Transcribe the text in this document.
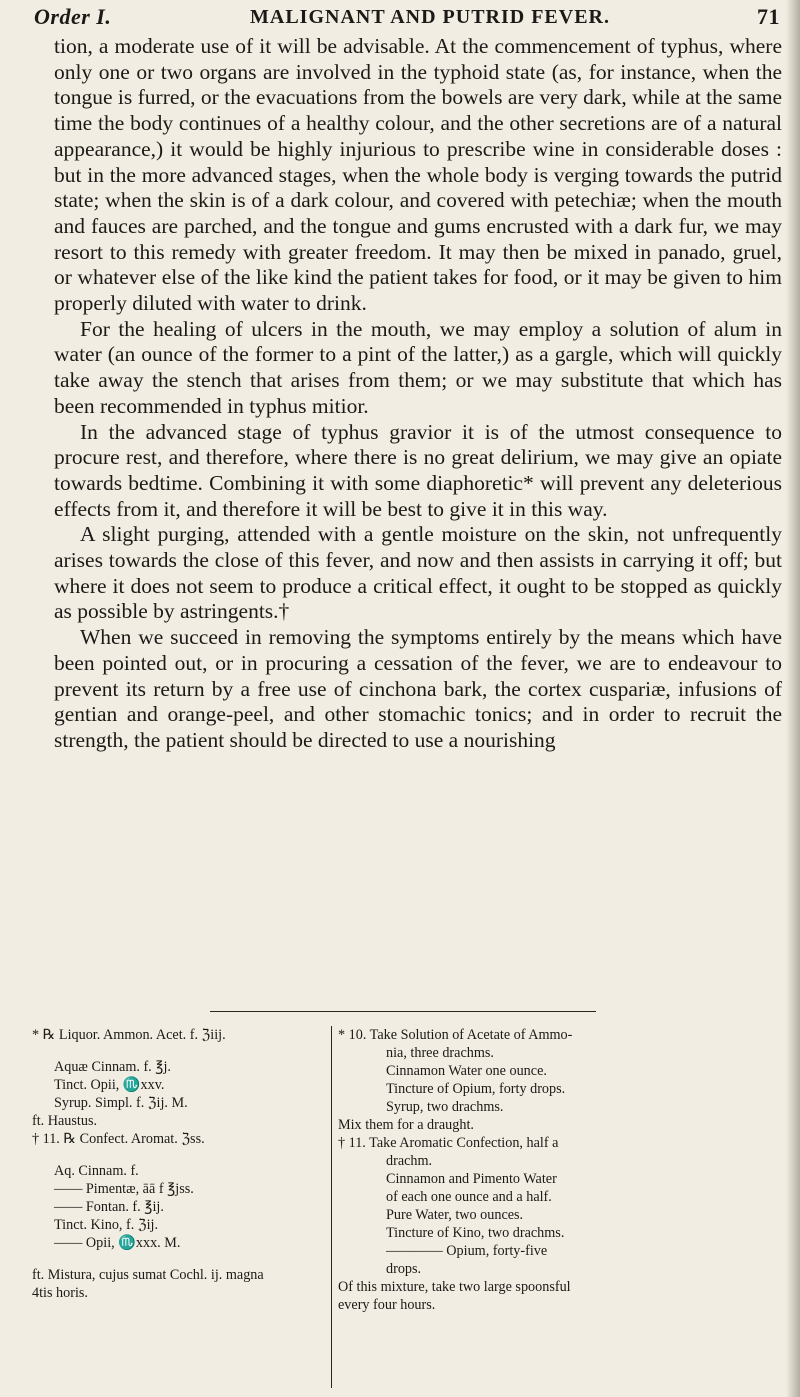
Order I.	MALIGNANT AND PUTRID FEVER.	71

tion, a moderate use of it will be advisable. At the commencement of typhus, where only one or two organs are involved in the typhoid state (as, for instance, when the tongue is furred, or the evacuations from the bowels are very dark, while at the same time the body continues of a healthy colour, and the other secretions are of a natural appearance,) it would be highly injurious to prescribe wine in considerable doses : but in the more advanced stages, when the whole body is verging towards the putrid state; when the skin is of a dark colour, and covered with petechiæ; when the mouth and fauces are parched, and the tongue and gums encrusted with a dark fur, we may resort to this remedy with greater freedom. It may then be mixed in panado, gruel, or whatever else of the like kind the patient takes for food, or it may be given to him properly diluted with water to drink.

For the healing of ulcers in the mouth, we may employ a solution of alum in water (an ounce of the former to a pint of the latter,) as a gargle, which will quickly take away the stench that arises from them; or we may substitute that which has been recommended in typhus mitior.

In the advanced stage of typhus gravior it is of the utmost consequence to procure rest, and therefore, where there is no great delirium, we may give an opiate towards bedtime. Combining it with some diaphoretic* will prevent any deleterious effects from it, and therefore it will be best to give it in this way.

A slight purging, attended with a gentle moisture on the skin, not unfrequently arises towards the close of this fever, and now and then assists in carrying it off; but where it does not seem to produce a critical effect, it ought to be stopped as quickly as possible by astringents.†

When we succeed in removing the symptoms entirely by the means which have been pointed out, or in procuring a cessation of the fever, we are to endeavour to prevent its return by a free use of cinchona bark, the cortex cuspariæ, infusions of gentian and orange-peel, and other stomachic tonics; and in order to recruit the strength, the patient should be directed to use a nourishing

* ℞ Liquor. Ammon. Acet. f. ℨiij.
Aquæ Cinnam. f. ℥j.
Tinct. Opii, ♏xxv.
Syrup. Simpl. f. ℨij. M.
ft. Haustus.
† 11. ℞ Confect. Aromat. ℨss.
Aq. Cinnam. f.
—— Pimentæ, āā f ℥jss.
—— Fontan. f. ℥ij.
Tinct. Kino, f. ℨij.
—— Opii, ♏xxx. M.
ft. Mistura, cujus sumat Cochl. ij. magna
4tis horis.
* 10. Take Solution of Acetate of Ammo-
nia, three drachms.
Cinnamon Water one ounce.
Tincture of Opium, forty drops.
Syrup, two drachms.
Mix them for a draught.
† 11. Take Aromatic Confection, half a
drachm.
Cinnamon and Pimento Water
of each one ounce and a half.
Pure Water, two ounces.
Tincture of Kino, two drachms.
———— Opium, forty-five
drops.
Of this mixture, take two large spoonsful
every four hours.
